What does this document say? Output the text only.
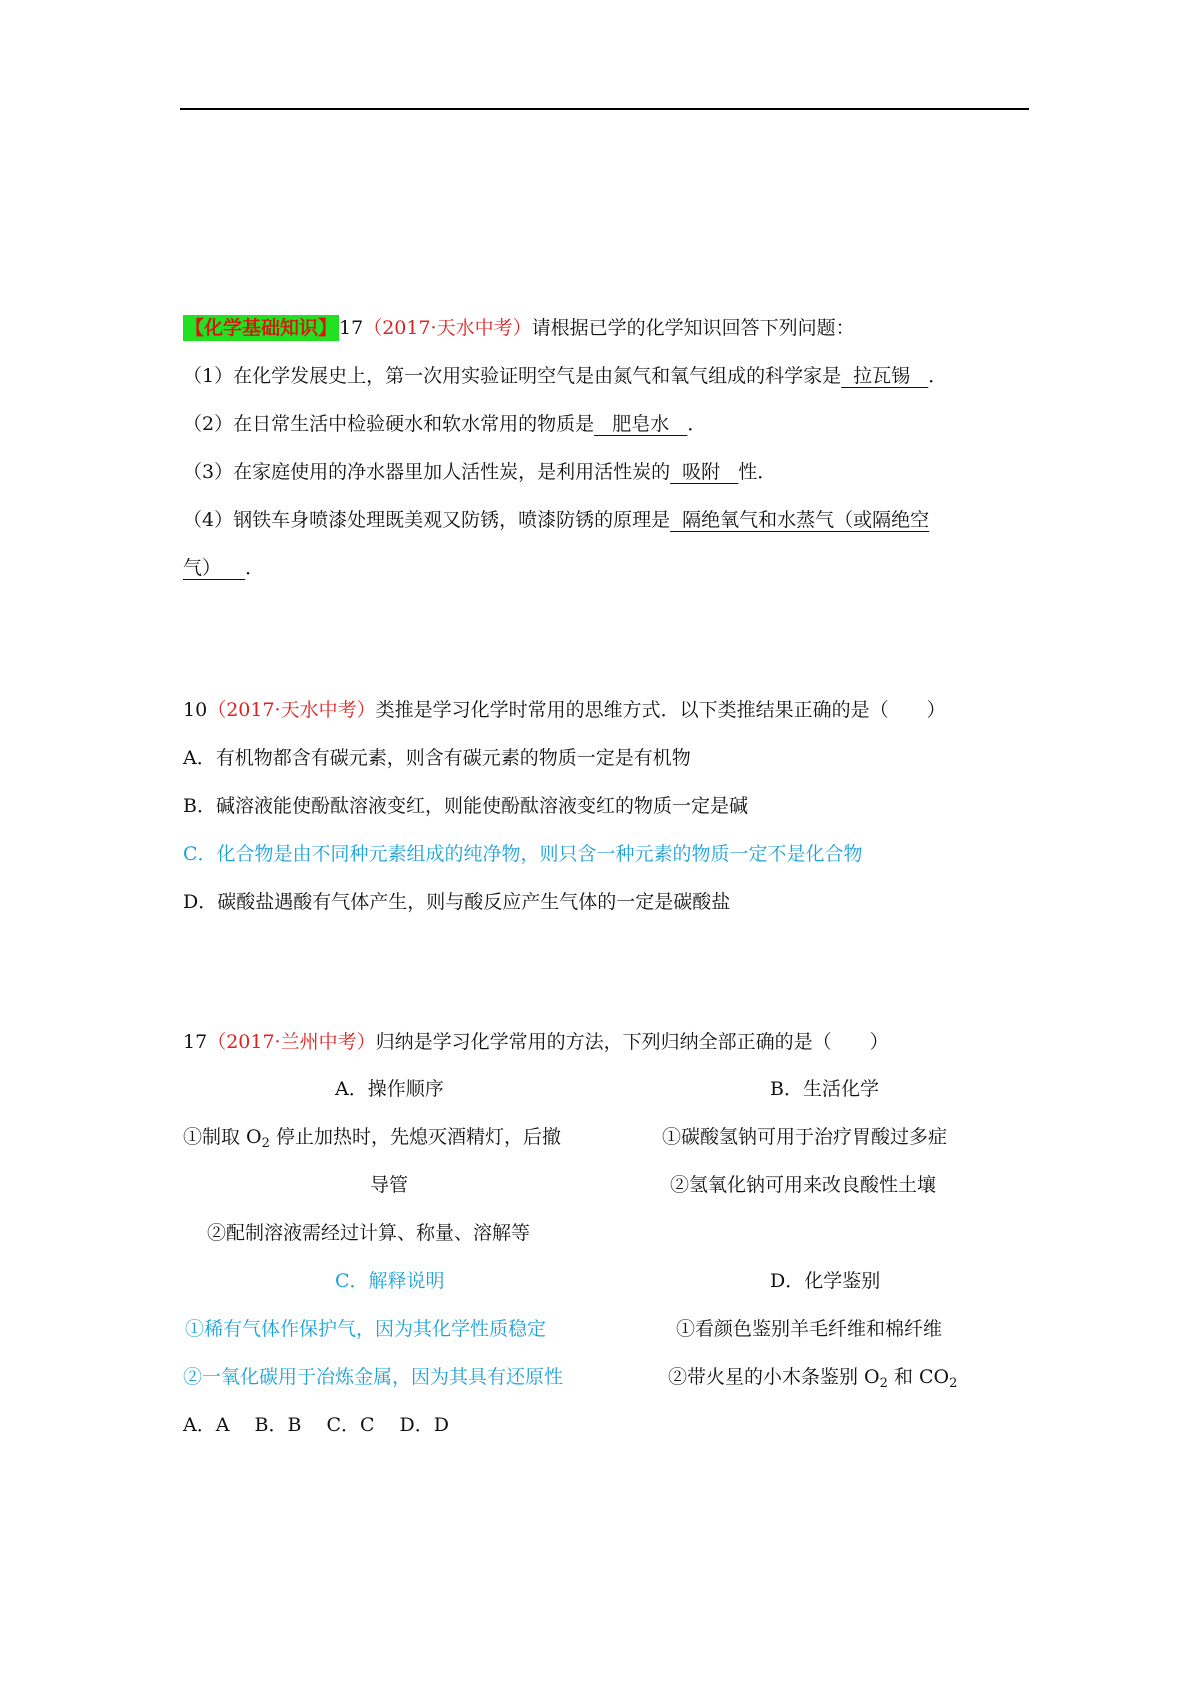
【化学基础知识】 17（2017·天水中考）请根据已学的化学知识回答下列问题：
（1）在化学发展史上，第一次用实验证明空气是由氮气和氧气组成的科学家是  拉瓦锡   ．
（2）在日常生活中检验硬水和软水常用的物质是   肥皂水   ．
（3）在家庭使用的净水器里加人活性炭，是利用活性炭的  吸附   性．
（4）钢铁车身喷漆处理既美观又防锈，喷漆防锈的原理是  隔绝氧气和水蒸气（或隔绝空
气）    ．
10（2017·天水中考）类推是学习化学时常用的思维方式．以下类推结果正确的是（　　）
A．有机物都含有碳元素，则含有碳元素的物质一定是有机物
B．碱溶液能使酚酞溶液变红，则能使酚酞溶液变红的物质一定是碱
C．化合物是由不同种元素组成的纯净物，则只含一种元素的物质一定不是化合物
D．碳酸盐遇酸有气体产生，则与酸反应产生气体的一定是碳酸盐
17（2017·兰州中考）归纳是学习化学常用的方法，下列归纳全部正确的是（　　）
A．操作顺序
①制取 $O_2$ 停止加热时，先熄灭酒精灯，后撤
导管
②配制溶液需经过计算、称量、溶解等
B．生活化学
①碳酸氢钠可用于治疗胃酸过多症
②氢氧化钠可用来改良酸性土壤
C．解释说明
①稀有气体作保护气，因为其化学性质稳定
②一氧化碳用于冶炼金属，因为其具有还原性
D．化学鉴别
①看颜色鉴别羊毛纤维和棉纤维
②带火星的小木条鉴别 $O_2$ 和 $CO_2$
A．A　 B．B　 C．C　 D．D
